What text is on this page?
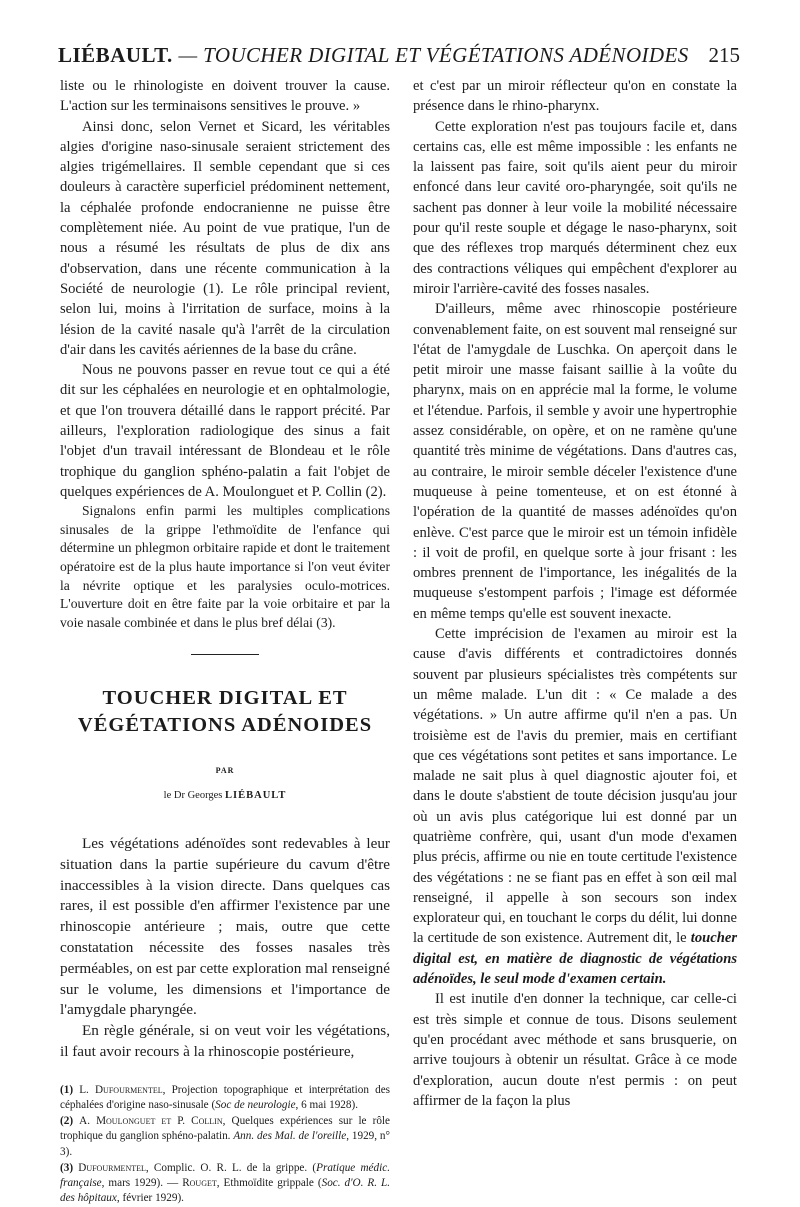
LIÉBAULT. — TOUCHER DIGITAL ET VÉGÉTATIONS ADÉNOIDES 215

liste ou le rhinologiste en doivent trouver la cause. L'action sur les terminaisons sensitives le prouve. »

Ainsi donc, selon Vernet et Sicard, les véritables algies d'origine naso-sinusale seraient strictement des algies trigémellaires. Il semble cependant que si ces douleurs à caractère superficiel prédominent nettement, la céphalée profonde endocranienne ne puisse être complètement niée. Au point de vue pratique, l'un de nous a résumé les résultats de plus de dix ans d'observation, dans une récente communication à la Société de neurologie (1). Le rôle principal revient, selon lui, moins à l'irritation de surface, moins à la lésion de la cavité nasale qu'à l'arrêt de la circulation d'air dans les cavités aériennes de la base du crâne.

Nous ne pouvons passer en revue tout ce qui a été dit sur les céphalées en neurologie et en ophtalmologie, et que l'on trouvera détaillé dans le rapport précité. Par ailleurs, l'exploration radiologique des sinus a fait l'objet d'un travail intéressant de Blondeau et le rôle trophique du ganglion sphéno-palatin a fait l'objet de quelques expériences de A. Moulonguet et P. Collin (2).

Signalons enfin parmi les multiples complications sinusales de la grippe l'ethmoïdite de l'enfance qui détermine un phlegmon orbitaire rapide et dont le traitement opératoire est de la plus haute importance si l'on veut éviter la névrite optique et les paralysies oculo-motrices. L'ouverture doit en être faite par la voie orbitaire et par la voie nasale combinée et dans le plus bref délai (3).

TOUCHER DIGITAL ET
VÉGÉTATIONS ADÉNOIDES
PAR
le Dr Georges LIÉBAULT

Les végétations adénoïdes sont redevables à leur situation dans la partie supérieure du cavum d'être inaccessibles à la vision directe. Dans quelques cas rares, il est possible d'en affirmer l'existence par une rhinoscopie antérieure ; mais, outre que cette constatation nécessite des fosses nasales très perméables, on est par cette exploration mal renseigné sur le volume, les dimensions et l'importance de l'amygdale pharyngée.

En règle générale, si on veut voir les végétations, il faut avoir recours à la rhinoscopie postérieure,

(1) L. Dufourmentel, Projection topographique et interprétation des céphalées d'origine naso-sinusale (Soc de neurologie, 6 mai 1928).

(2) A. Moulonguet et P. Collin, Quelques expériences sur le rôle trophique du ganglion sphéno-palatin. Ann. des Mal. de l'oreille, 1929, n° 3).

(3) Dufourmentel, Complic. O. R. L. de la grippe. (Pratique médic. française, mars 1929). — Rouget, Ethmoïdite grippale (Soc. d'O. R. L. des hôpitaux, février 1929).

et c'est par un miroir réflecteur qu'on en constate la présence dans le rhino-pharynx.

Cette exploration n'est pas toujours facile et, dans certains cas, elle est même impossible : les enfants ne la laissent pas faire, soit qu'ils aient peur du miroir enfoncé dans leur cavité oro-pharyngée, soit qu'ils ne sachent pas donner à leur voile la mobilité nécessaire pour qu'il reste souple et dégage le naso-pharynx, soit que des réflexes trop marqués déterminent chez eux des contractions véliques qui empêchent d'explorer au miroir l'arrière-cavité des fosses nasales.

D'ailleurs, même avec rhinoscopie postérieure convenablement faite, on est souvent mal renseigné sur l'état de l'amygdale de Luschka. On aperçoit dans le petit miroir une masse faisant saillie à la voûte du pharynx, mais on en apprécie mal la forme, le volume et l'étendue. Parfois, il semble y avoir une hypertrophie assez considérable, on opère, et on ne ramène qu'une quantité très minime de végétations. Dans d'autres cas, au contraire, le miroir semble déceler l'existence d'une muqueuse à peine tomenteuse, et on est étonné à l'opération de la quantité de masses adénoïdes qu'on enlève. C'est parce que le miroir est un témoin infidèle : il voit de profil, en quelque sorte à jour frisant : les ombres prennent de l'importance, les inégalités de la muqueuse s'estompent parfois ; l'image est déformée en même temps qu'elle est souvent inexacte.

Cette imprécision de l'examen au miroir est la cause d'avis différents et contradictoires donnés souvent par plusieurs spécialistes très compétents sur un même malade. L'un dit : « Ce malade a des végétations. » Un autre affirme qu'il n'en a pas. Un troisième est de l'avis du premier, mais en certifiant que ces végétations sont petites et sans importance. Le malade ne sait plus à quel diagnostic ajouter foi, et dans le doute s'abstient de toute décision jusqu'au jour où un avis plus catégorique lui est donné par un quatrième confrère, qui, usant d'un mode d'examen plus précis, affirme ou nie en toute certitude l'existence des végétations : ne se fiant pas en effet à son œil mal renseigné, il appelle à son secours son index explorateur qui, en touchant le corps du délit, lui donne la certitude de son existence. Autrement dit, le toucher digital est, en matière de diagnostic de végétations adénoïdes, le seul mode d'examen certain.

Il est inutile d'en donner la technique, car celle-ci est très simple et connue de tous. Disons seulement qu'en procédant avec méthode et sans brusquerie, on arrive toujours à obtenir un résultat. Grâce à ce mode d'exploration, aucun doute n'est permis : on peut affirmer de la façon la plus
